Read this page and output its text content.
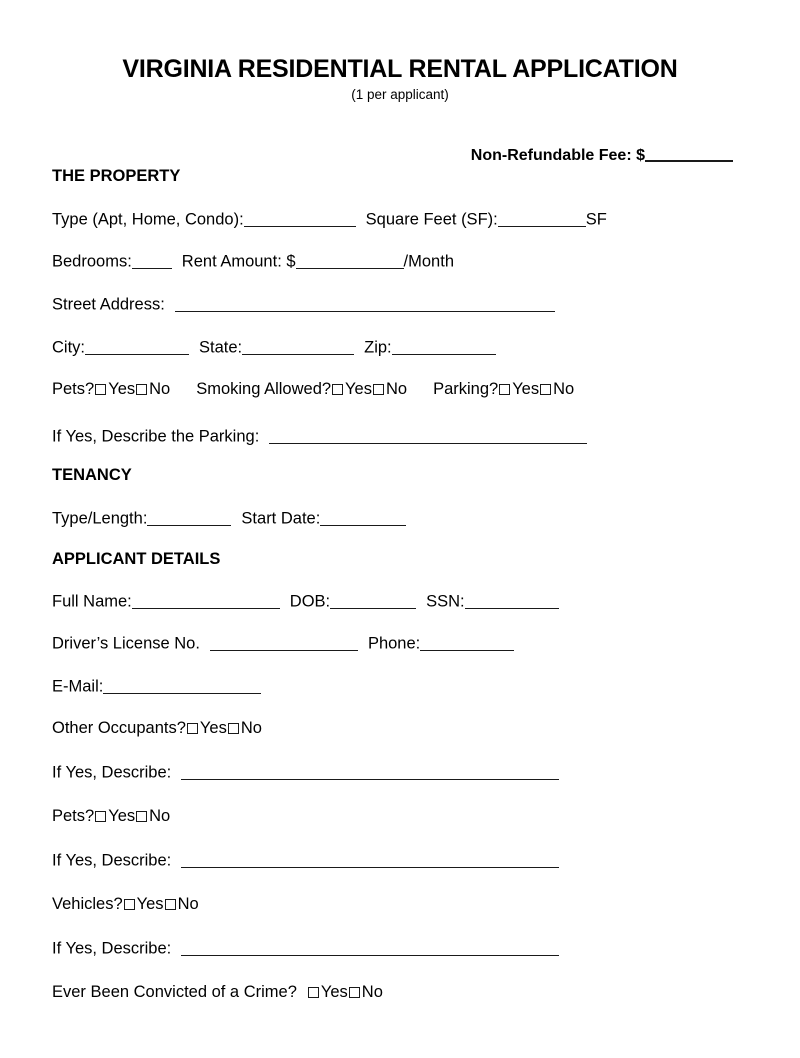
VIRGINIA RESIDENTIAL RENTAL APPLICATION
(1 per applicant)
Non-Refundable Fee: $
THE PROPERTY
Type (Apt, Home, Condo):	Square Feet (SF):	SF
Bedrooms:	Rent Amount: $	/Month
Street Address:
City:	State:	Zip:
Pets? Yes No Smoking Allowed? Yes No Parking? Yes No
If Yes, Describe the Parking:
TENANCY
Type/Length:	Start Date:
APPLICANT DETAILS
Full Name:	DOB:	SSN:
Driver’s License No.	Phone:
E-Mail:
Other Occupants? Yes No
If Yes, Describe:
Pets? Yes No
If Yes, Describe:
Vehicles? Yes No
If Yes, Describe:
Ever Been Convicted of a Crime? Yes No
